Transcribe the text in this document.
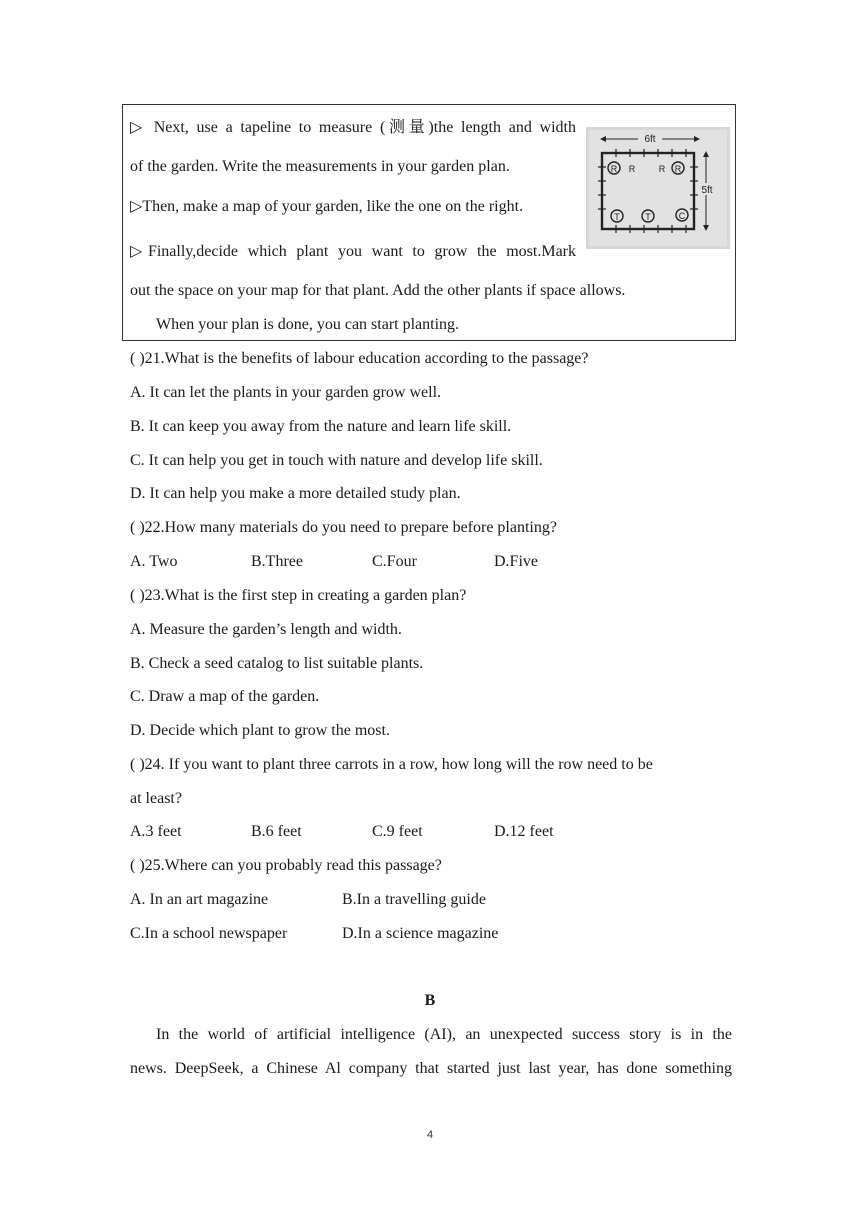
▷ Next, use a tapeline to measure (测量)the length and width
of the garden. Write the measurements in your garden plan.
▷Then, make a map of your garden, like the one on the right.
▷Finally,decide which plant you want to grow the most.Mark
out the space on your map for that plant. Add the other plants if space allows.
When your plan is done, you can start planting.
6ft
5ft
R R	R R
T	T	C
( )21.What is the benefits of labour education according to the passage?
A. It can let the plants in your garden grow well.
B. It can keep you away from the nature and learn life skill.
C. It can help you get in touch with nature and develop life skill.
D. It can help you make a more detailed study plan.
( )22.How many materials do you need to prepare before planting?
A. Two	B.Three	C.Four	D.Five
( )23.What is the first step in creating a garden plan?
A. Measure the garden’s length and width.
B. Check a seed catalog to list suitable plants.
C. Draw a map of the garden.
D. Decide which plant to grow the most.
( )24. If you want to plant three carrots in a row, how long will the row need to be
at least?
A.3 feet	B.6 feet	C.9 feet	D.12 feet
( )25.Where can you probably read this passage?
A. In an art magazine	B.In a travelling guide
C.In a school newspaper	D.In a science magazine
B
In the world of artificial intelligence (AI), an unexpected success story is in the
news. DeepSeek, a Chinese Al company that started just last year, has done something
4
